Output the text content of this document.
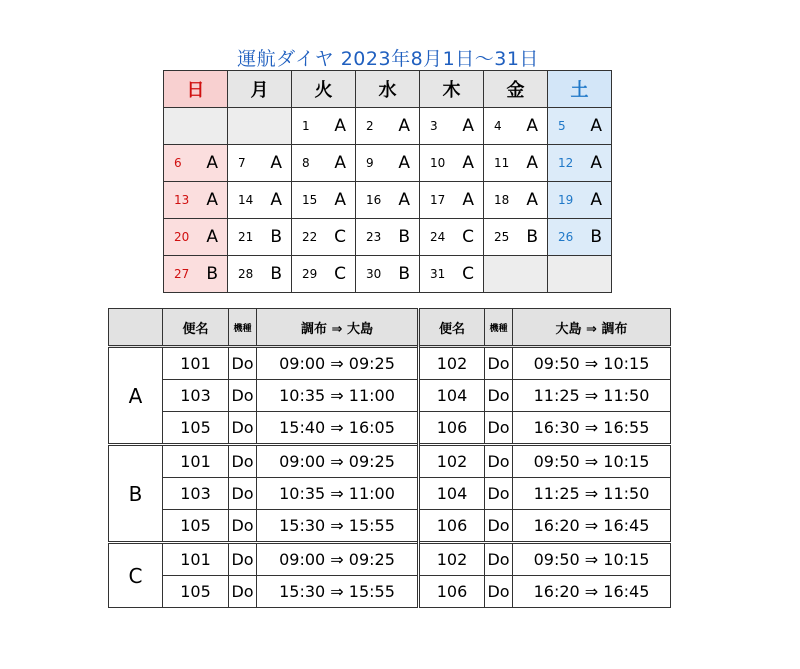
運航ダイヤ 2023年8月1日～31日
日	月	火	水	木	金	土

		1 A	2 A	3 A	4 A	5 A

6 A	7 A	8 A	9 A	10 A	11 A	12 A

13 A	14 A	15 A	16 A	17 A	18 A	19 A

20 A	21 B	22 C	23 B	24 C	25 B	26 B

27 B	28 B	29 C	30 B	31 C		

	便名	機種	調布 ⇒ 大島	便名	機種	大島 ⇒ 調布
A	101	Do	09:00 ⇒ 09:25	102	Do	09:50 ⇒ 10:15
	103	Do	10:35 ⇒ 11:00	104	Do	11:25 ⇒ 11:50
	105	Do	15:40 ⇒ 16:05	106	Do	16:30 ⇒ 16:55
B	101	Do	09:00 ⇒ 09:25	102	Do	09:50 ⇒ 10:15
	103	Do	10:35 ⇒ 11:00	104	Do	11:25 ⇒ 11:50
	105	Do	15:30 ⇒ 15:55	106	Do	16:20 ⇒ 16:45
C	101	Do	09:00 ⇒ 09:25	102	Do	09:50 ⇒ 10:15
	105	Do	15:30 ⇒ 15:55	106	Do	16:20 ⇒ 16:45
